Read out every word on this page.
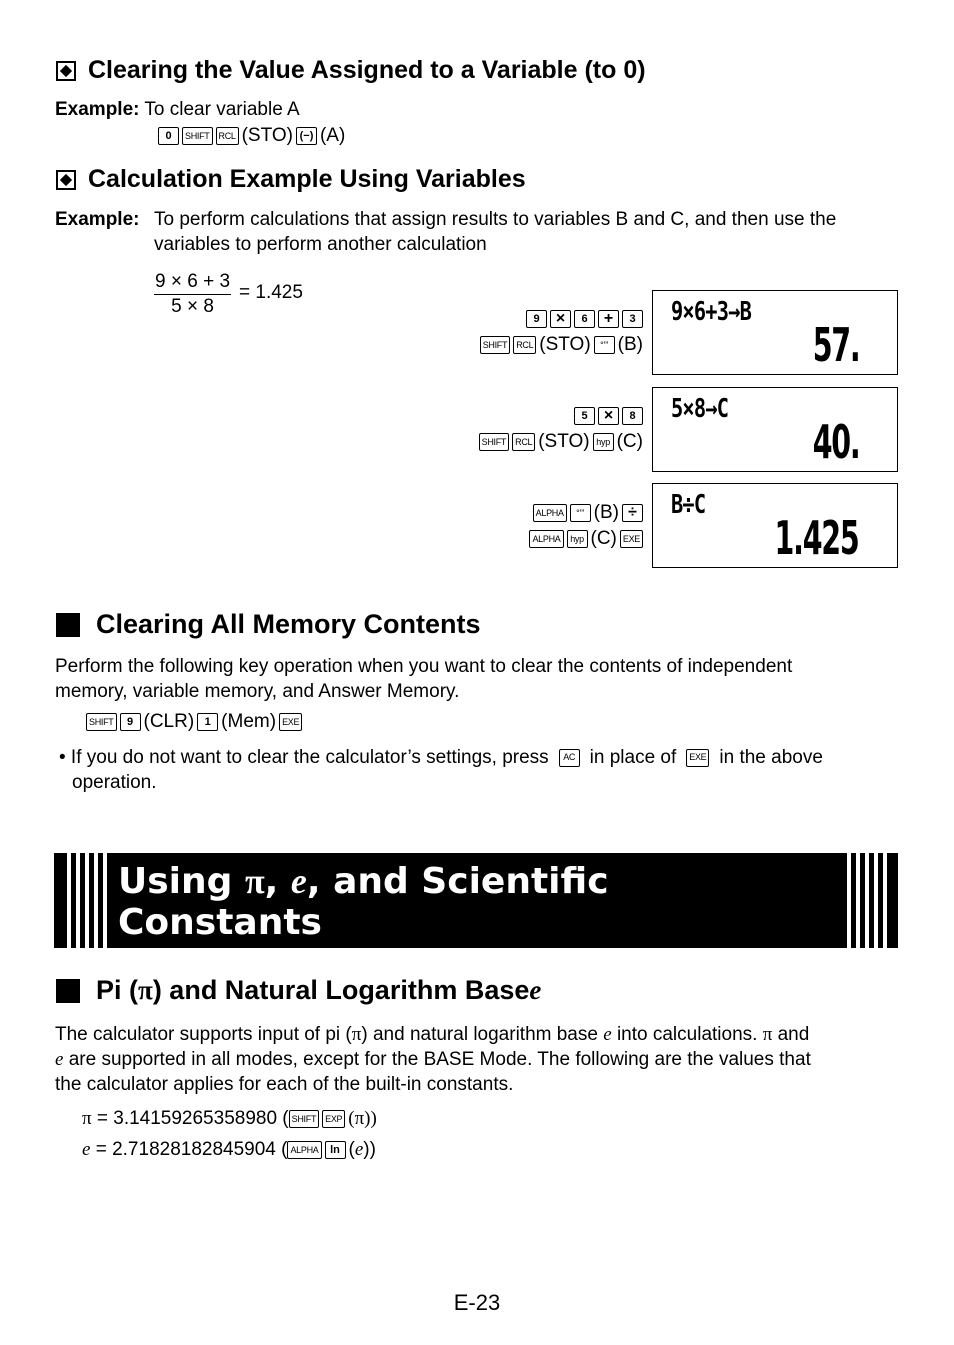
Clearing the Value Assigned to a Variable (to 0)
Example: To clear variable A
0	SHIFT	RCL (STO) (−) (A)
Calculation Example Using Variables
Example: To perform calculations that assign results to variables B and C, and then use the
variables to perform another calculation
$\frac{9 \times 6 + 3}{5 \times 8} = 1.425$
9	×	6	+	3
SHIFT	RCL (STO)	°’’’ (B)
9×6+3→B
57.
5	×	8
SHIFT	RCL (STO) hyp (C)
5×8→C
40.
ALPHA	°’’’ (B) ÷
ALPHA	hyp (C) EXE
B÷C
1.425
Clearing All Memory Contents
Perform the following key operation when you want to clear the contents of independent
memory, variable memory, and Answer Memory.
SHIFT	9 (CLR) 1 (Mem) EXE
• If you do not want to clear the calculator’s settings, press	AC in place of	EXE in the above
operation.
Using π, e, and Scientific
Constants
Pi ( π ) and Natural Logarithm Base e
The calculator supports input of pi (π) and natural logarithm base e into calculations. π and
e are supported in all modes, except for the BASE Mode. The following are the values that
the calculator applies for each of the built-in constants.
π = 3.14159265358980 ( SHIFT	EXP (π))
e = 2.71828182845904 ( ALPHA	ln ( e ))
E-23
